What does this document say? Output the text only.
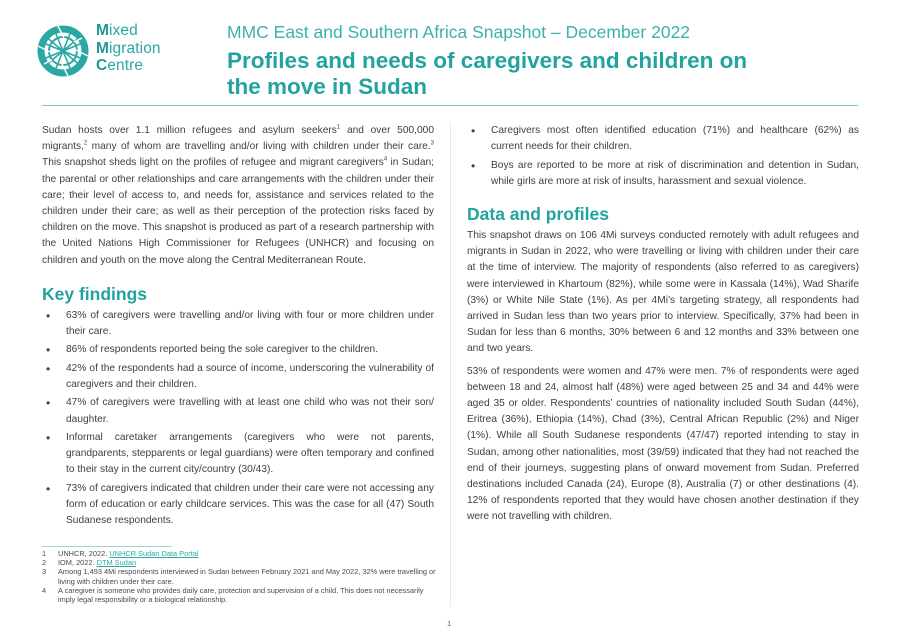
Mixed
Migration
Centre
MMC East and Southern Africa Snapshot – December 2022
Profiles and needs of caregivers and children on the move in Sudan

Sudan hosts over 1.1 million refugees and asylum seekers$^1$ and over 500,000 migrants,$^2$ many of whom are travelling and/or living with children under their care.$^3$ This snapshot sheds light on the profiles of refugee and migrant caregivers$^4$ in Sudan; the parental or other relationships and care arrangements with the children under their care; their level of access to, and needs for, assistance and services related to the children under their care; as well as their perception of the protection risks faced by children on the move. This snapshot is produced as part of a research partnership with the United Nations High Commissioner for Refugees (UNHCR) and focusing on children and youth on the move along the Central Mediterranean Route.

Key findings
• 63% of caregivers were travelling and/or living with four or more children under their care.
• 86% of respondents reported being the sole caregiver to the children.
• 42% of the respondents had a source of income, underscoring the vulnerability of caregivers and their children.
• 47% of caregivers were travelling with at least one child who was not their son/ daughter.
• Informal caretaker arrangements (caregivers who were not parents, grandparents, stepparents or legal guardians) were often temporary and confined to their stay in the current city/country (30/43).
• 73% of caregivers indicated that children under their care were not accessing any form of education or early childcare services. This was the case for all (47) South Sudanese respondents.
1	UNHCR, 2022. UNHCR Sudan Data Portal
2	IOM, 2022. DTM Sudan
3	Among 1,493 4Mi respondents interviewed in Sudan between February 2021 and May 2022, 32% were travelling or living with children under their care.
4	A caregiver is someone who provides daily care, protection and supervision of a child. This does not necessarily imply legal responsibility or a biological relationship.
• Caregivers most often identified education (71%) and healthcare (62%) as current needs for their children.
• Boys are reported to be more at risk of discrimination and detention in Sudan, while girls are more at risk of insults, harassment and sexual violence.
Data and profiles

This snapshot draws on 106 4Mi surveys conducted remotely with adult refugees and migrants in Sudan in 2022, who were travelling or living with children under their care at the time of interview. The majority of respondents (also referred to as caregivers) were interviewed in Khartoum (82%), while some were in Kassala (14%), Wad Sharife (3%) or White Nile State (1%). As per 4Mi’s targeting strategy, all respondents had arrived in Sudan less than two years prior to interview. Specifically, 37% had been in Sudan for less than 6 months, 30% between 6 and 12 months and 33% between one and two years.

53% of respondents were women and 47% were men. 7% of respondents were aged between 18 and 24, almost half (48%) were aged between 25 and 34 and 44% were aged 35 or older. Respondents’ countries of nationality included South Sudan (44%), Eritrea (36%), Ethiopia (14%), Chad (3%), Central African Republic (2%) and Niger (1%). While all South Sudanese respondents (47/47) reported intending to stay in Sudan, among other nationalities, most (39/59) indicated that they had not reached the end of their journeys, suggesting plans of onward movement from Sudan. Preferred destinations included Canada (24), Europe (8), Australia (7) or other destinations (4). 12% of respondents reported that they would have chosen another destination if they were not travelling with children.

1
